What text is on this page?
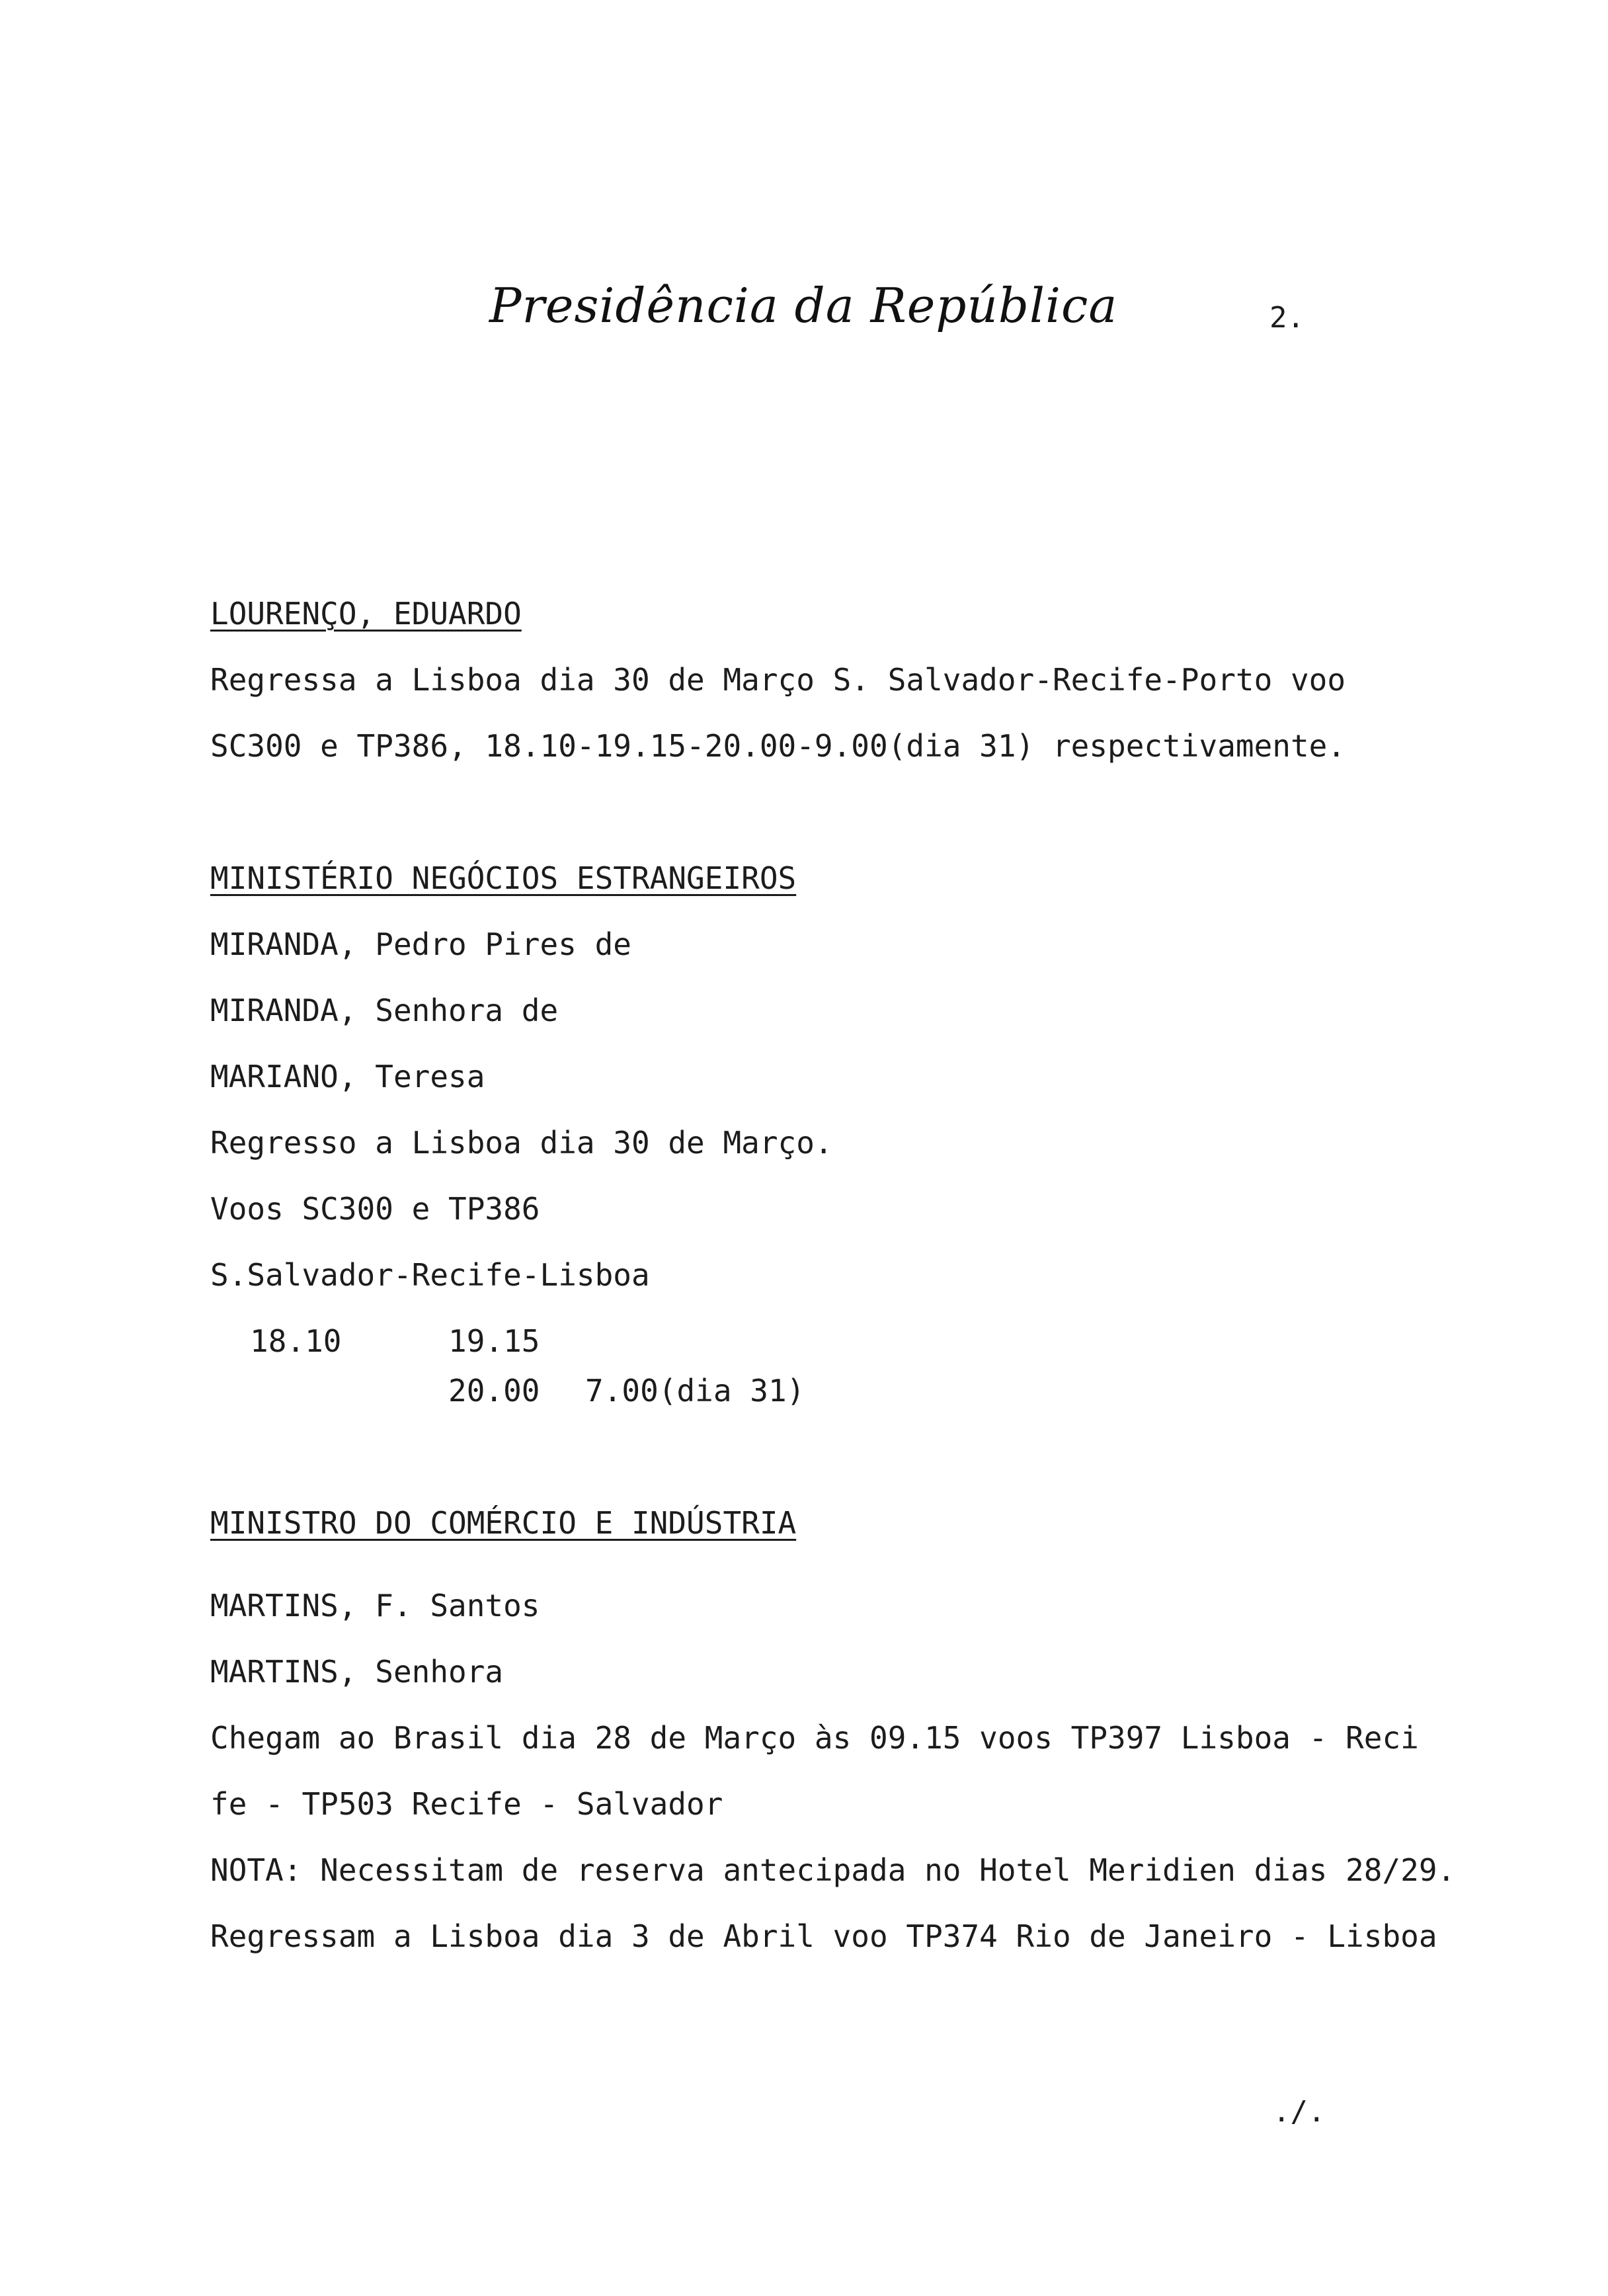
Presidência da República	2.
LOURENÇO, EDUARDO
Regressa a Lisboa dia 30 de Março S. Salvador-Recife-Porto voo
SC300 e TP386, 18.10-19.15-20.00-9.00(dia 31) respectivamente.
MINISTÉRIO NEGÓCIOS ESTRANGEIROS
MIRANDA, Pedro Pires de
MIRANDA, Senhora de
MARIANO, Teresa
Regresso a Lisboa dia 30 de Março.
Voos SC300 e TP386
S.Salvador-Recife-Lisboa
18.10	19.15
20.00 7.00(dia 31)
MINISTRO DO COMÉRCIO E INDÚSTRIA
MARTINS, F. Santos
MARTINS, Senhora
Chegam ao Brasil dia 28 de Março às 09.15 voos TP397 Lisboa - Reci
fe - TP503 Recife - Salvador
NOTA: Necessitam de reserva antecipada no Hotel Meridien dias 28/29.
Regressam a Lisboa dia 3 de Abril voo TP374 Rio de Janeiro - Lisboa
./.
